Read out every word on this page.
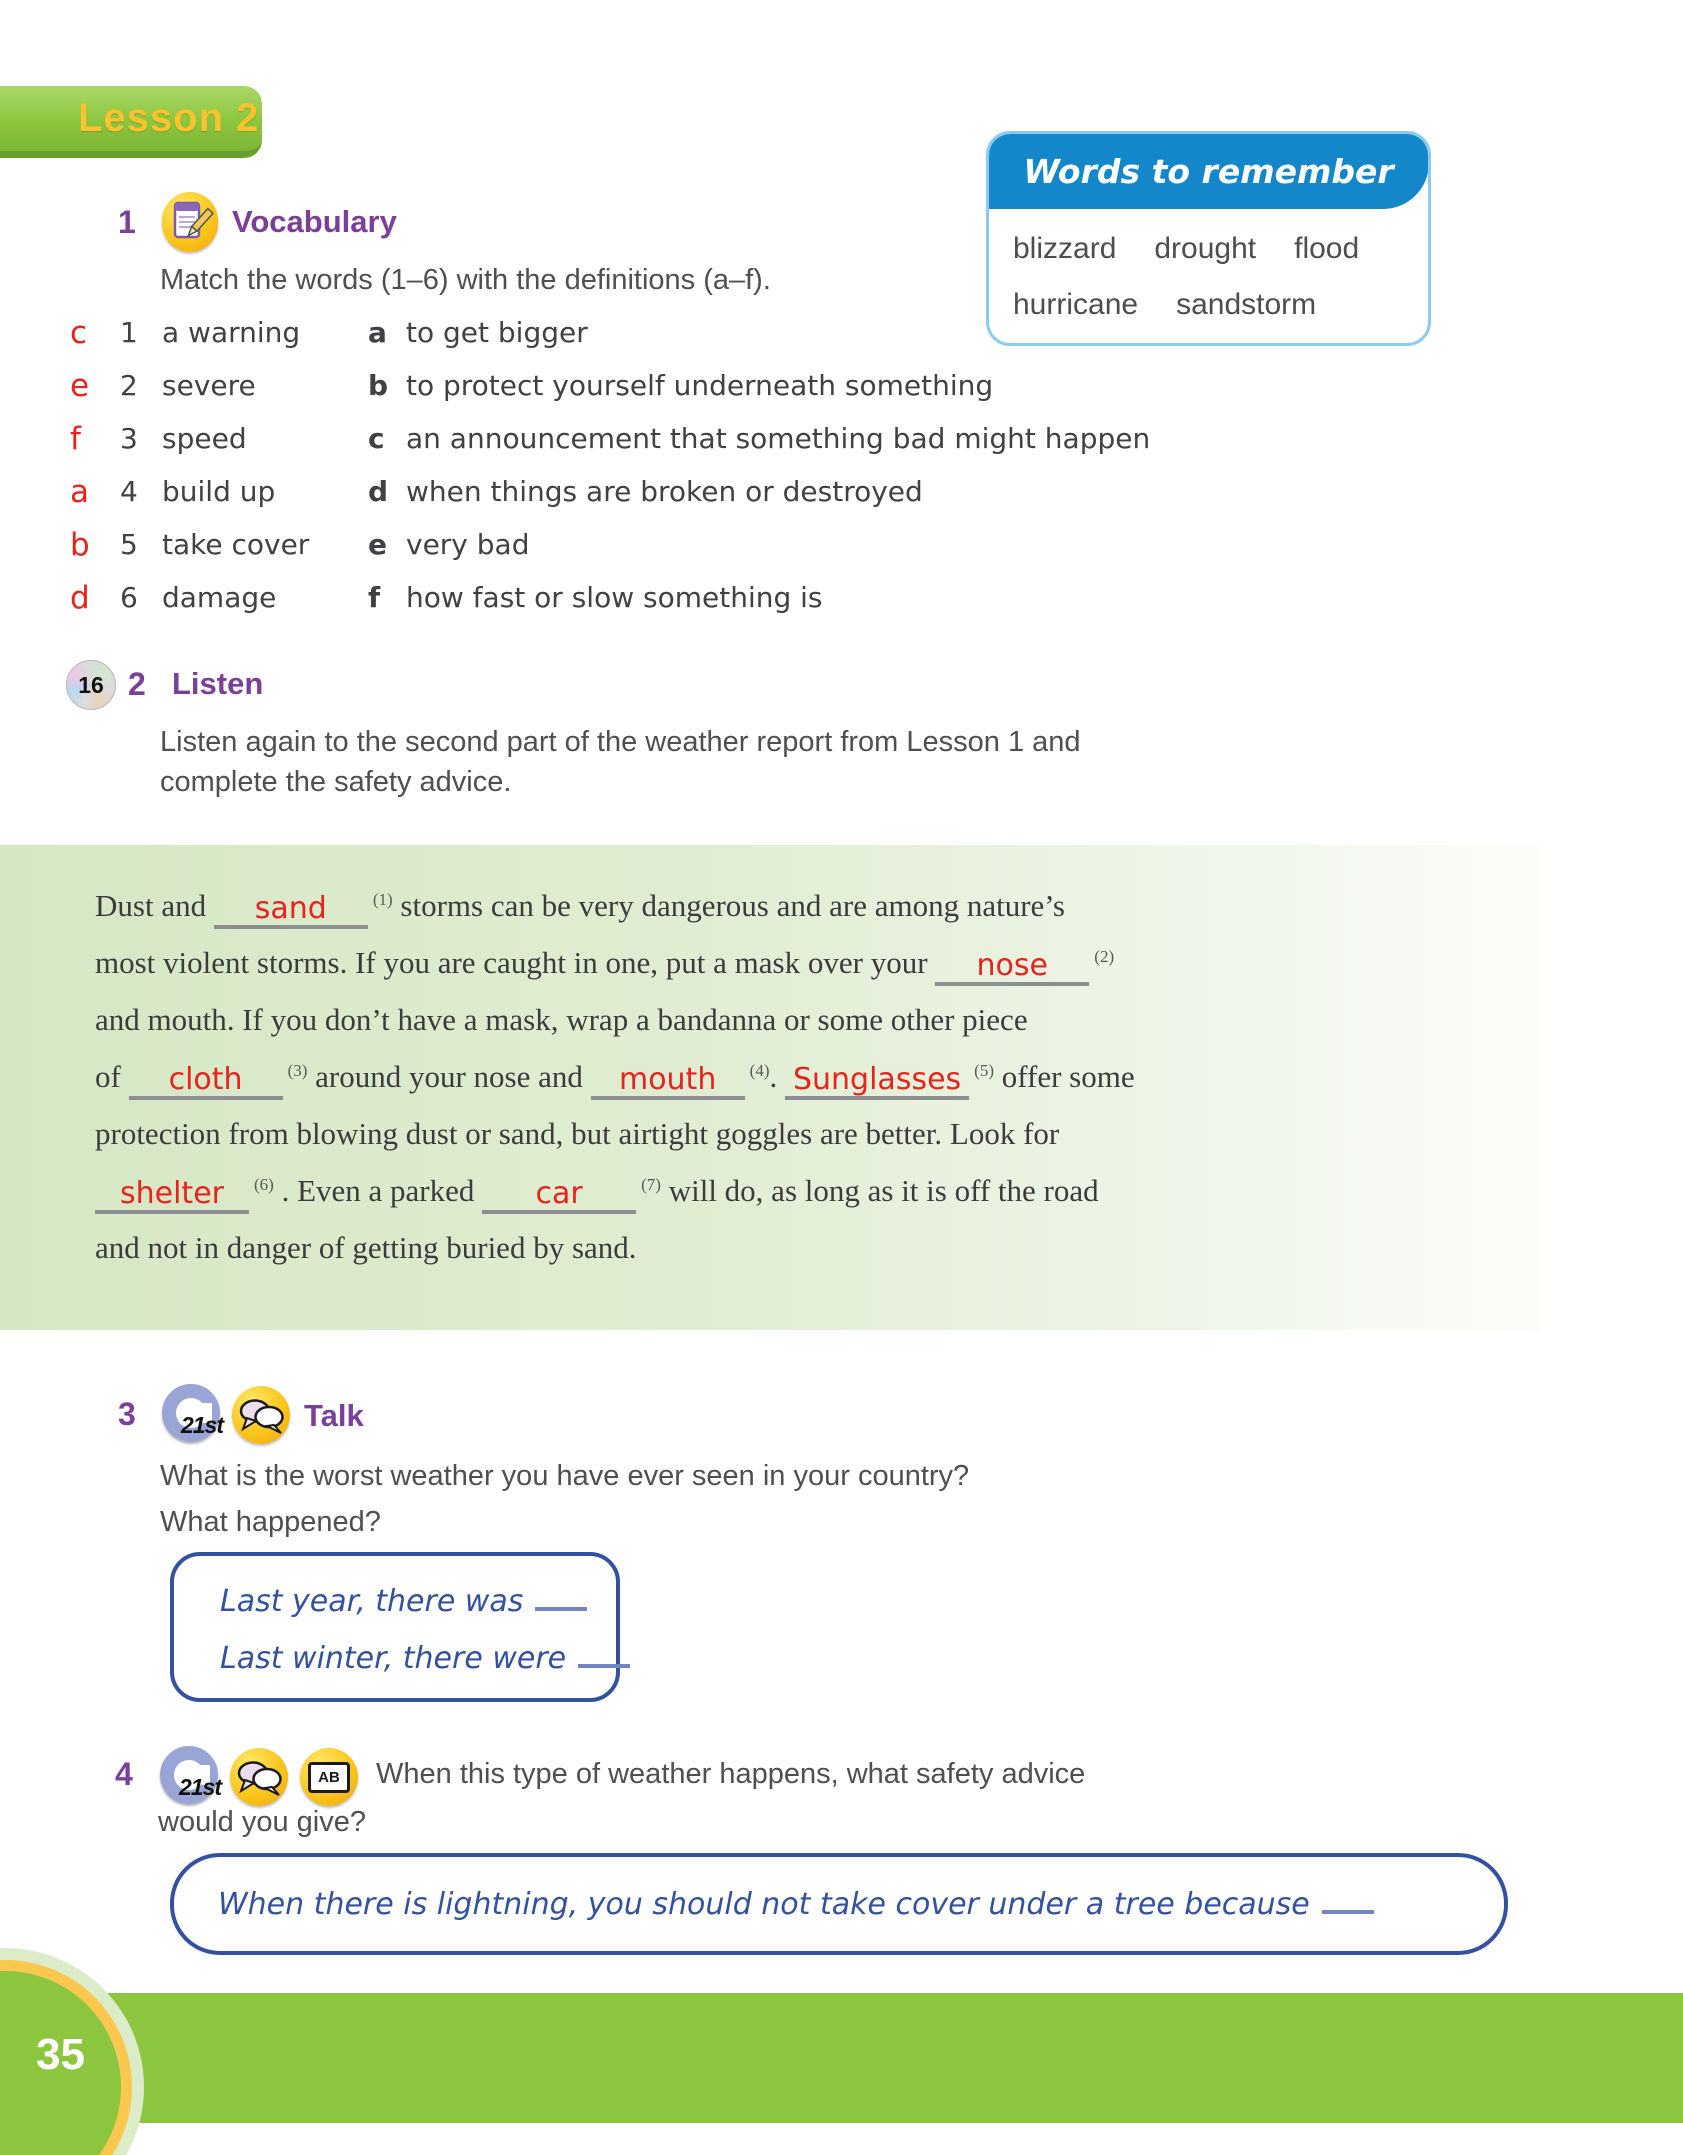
Lesson 2
Words to remember
blizzard drought flood
hurricane sandstorm
1	Vocabulary
Match the words (1–6) with the definitions (a–f).
c	1 a warning	a to get bigger
e	2 severe	b to protect yourself underneath something
f	3 speed	c an announcement that something bad might happen
a	4 build up	d when things are broken or destroyed
b	5 take cover	e very bad
d	6 damage	f how fast or slow something is
16 2 Listen
Listen again to the second part of the weather report from Lesson 1 and
complete the safety advice.
Dust and sand	$^{(1)}$ storms can be very dangerous and are among nature’s
most violent storms. If you are caught in one, put a mask over your nose	$^{(2)}$
and mouth. If you don’t have a mask, wrap a bandanna or some other piece
of cloth	$^{(3)}$ around your nose and mouth $^{(4)}$. Sunglasses $^{(5)}$ offer some
protection from blowing dust or sand, but airtight goggles are better. Look for
shelter $^{(6)}$ . Even a parked car	$^{(7)}$ will do, as long as it is off the road
and not in danger of getting buried by sand.
3	21st	Talk
What is the worst weather you have ever seen in your country?
What happened?
Last year, there was
Last winter, there were
4	21st	AB	When this type of weather happens, what safety advice
would you give?
When there is lightning, you should not take cover under a tree because
35
